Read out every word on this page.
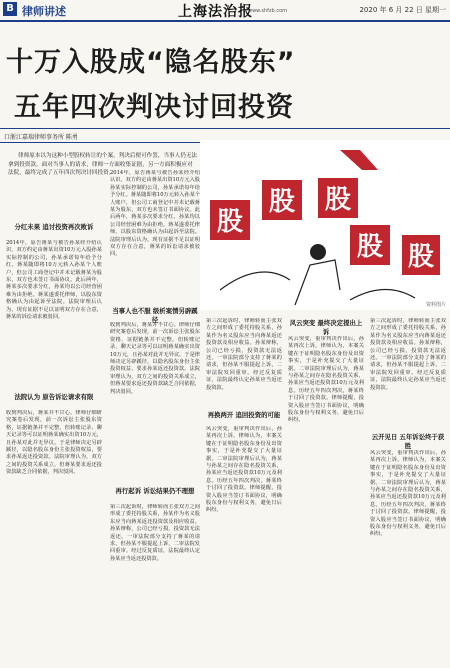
B 律师讲述	上海法治报
www.shfzb.com	2020 年 6 月 22 日 星期一
十万入股成“隐名股东”
五年四次判决讨回投资
口浙江嘉瑞律师事务所 陈勇
律师原本以为这种小型股权转让的个案，判决后便可作罢，当事人仍无法拿到投资款。面对当事人的请求，律师一方面收集证据，另一方面积极应对法院，最终完成了五年四次判决讨回投资。
股
股 股
股 股
资料图片
分红未果 追讨投资再次败诉
2014年，原告蒋某与被告孙某经介绍认识，双方约定由蒋某出资10万元入股孙某实际控制的公司，孙某承诺每年给予分红。蒋某随即将10万元转入孙某个人账户，但公司工商登记中并未记载蒋某为股东，双方也未签订书面协议。此后两年，蒋某多次要求分红，孙某均以公司经营困难为由拒绝。蒋某遂委托律师，以股东资格确认为由起诉至法院。法院审理后认为，现有证据不足以证明双方存在合意，蒋某的诉讼请求被驳回。
法院认为 原告诉讼请求有限
收到判决后，蒋某并不甘心。律师仔细研究案卷后发现，前一次诉讼主张股东资格，证据链条并不完整，但转账记录、聊天记录等可以证明蒋某确实出资10万元，且孙某对此并无异议。于是律师决定另辟蹊径，以隐名股东身份主张投资权益，要求孙某返还投资款。法院审理认为，双方之间的投资关系成立，但蒋某要求返还投资款缺乏合同依据，判决驳回。
2014年，原告蒋某与被告孙某经介绍认识，双方约定由蒋某出资10万元入股孙某实际控制的公司，孙某承诺每年给予分红。蒋某随即将10万元转入孙某个人账户，但公司工商登记中并未记载蒋某为股东，双方也未签订书面协议。此后两年，蒋某多次要求分红，孙某均以公司经营困难为由拒绝。蒋某遂委托律师，以股东资格确认为由起诉至法院。法院审理后认为，现有证据不足以证明双方存在合意，蒋某的诉讼请求被驳回。
当事人也不服 级析案情另辟蹊径
收到判决后，蒋某并不甘心。律师仔细研究案卷后发现，前一次诉讼主张股东资格，证据链条并不完整，但转账记录、聊天记录等可以证明蒋某确实出资10万元，且孙某对此并无异议。于是律师决定另辟蹊径，以隐名股东身份主张投资权益，要求孙某返还投资款。法院审理认为，双方之间的投资关系成立，但蒋某要求返还投资款缺乏合同依据，判决驳回。
再行起诉 诉讼结果仍不理想
第三次起诉时，律师转而主张双方之间形成了委托持股关系，孙某作为名义股东应当向蒋某返还投资款及相应收益。孙某辩称，公司已经亏损，投资款无法返还。一审法院部分支持了蒋某的请求，但孙某不服提起上诉，二审法院发回重审。经过反复质证，法院最终认定孙某应当返还投资款。
第三次起诉时，律师转而主张双方之间形成了委托持股关系，孙某作为名义股东应当向蒋某返还投资款及相应收益。孙某辩称，公司已经亏损，投资款无法返还。一审法院部分支持了蒋某的请求，但孙某不服提起上诉，二审法院发回重审。经过反复质证，法院最终认定孙某应当返还投资款。
再换两开 追回投资的可能
风云突变，重审判决作出后，孙某再次上诉。律师认为，本案关键在于证明隐名股东身份及出资事实，于是补充提交了大量证据。二审法院审理后认为，蒋某与孙某之间存在隐名投资关系，孙某应当返还投资款10万元及利息。历经五年四次判决，蒋某终于讨回了投资款。律师提醒，投资入股应当签订书面协议，明确股东身份与权利义务，避免日后纠纷。
风云突变 最终决定提出上诉
风云突变，重审判决作出后，孙某再次上诉。律师认为，本案关键在于证明隐名股东身份及出资事实，于是补充提交了大量证据。二审法院审理后认为，蒋某与孙某之间存在隐名投资关系，孙某应当返还投资款10万元及利息。历经五年四次判决，蒋某终于讨回了投资款。律师提醒，投资入股应当签订书面协议，明确股东身份与权利义务，避免日后纠纷。
第三次起诉时，律师转而主张双方之间形成了委托持股关系，孙某作为名义股东应当向蒋某返还投资款及相应收益。孙某辩称，公司已经亏损，投资款无法返还。一审法院部分支持了蒋某的请求，但孙某不服提起上诉，二审法院发回重审。经过反复质证，法院最终认定孙某应当返还投资款。
云开见日 五年诉讼终于获胜
风云突变，重审判决作出后，孙某再次上诉。律师认为，本案关键在于证明隐名股东身份及出资事实，于是补充提交了大量证据。二审法院审理后认为，蒋某与孙某之间存在隐名投资关系，孙某应当返还投资款10万元及利息。历经五年四次判决，蒋某终于讨回了投资款。律师提醒，投资入股应当签订书面协议，明确股东身份与权利义务，避免日后纠纷。
